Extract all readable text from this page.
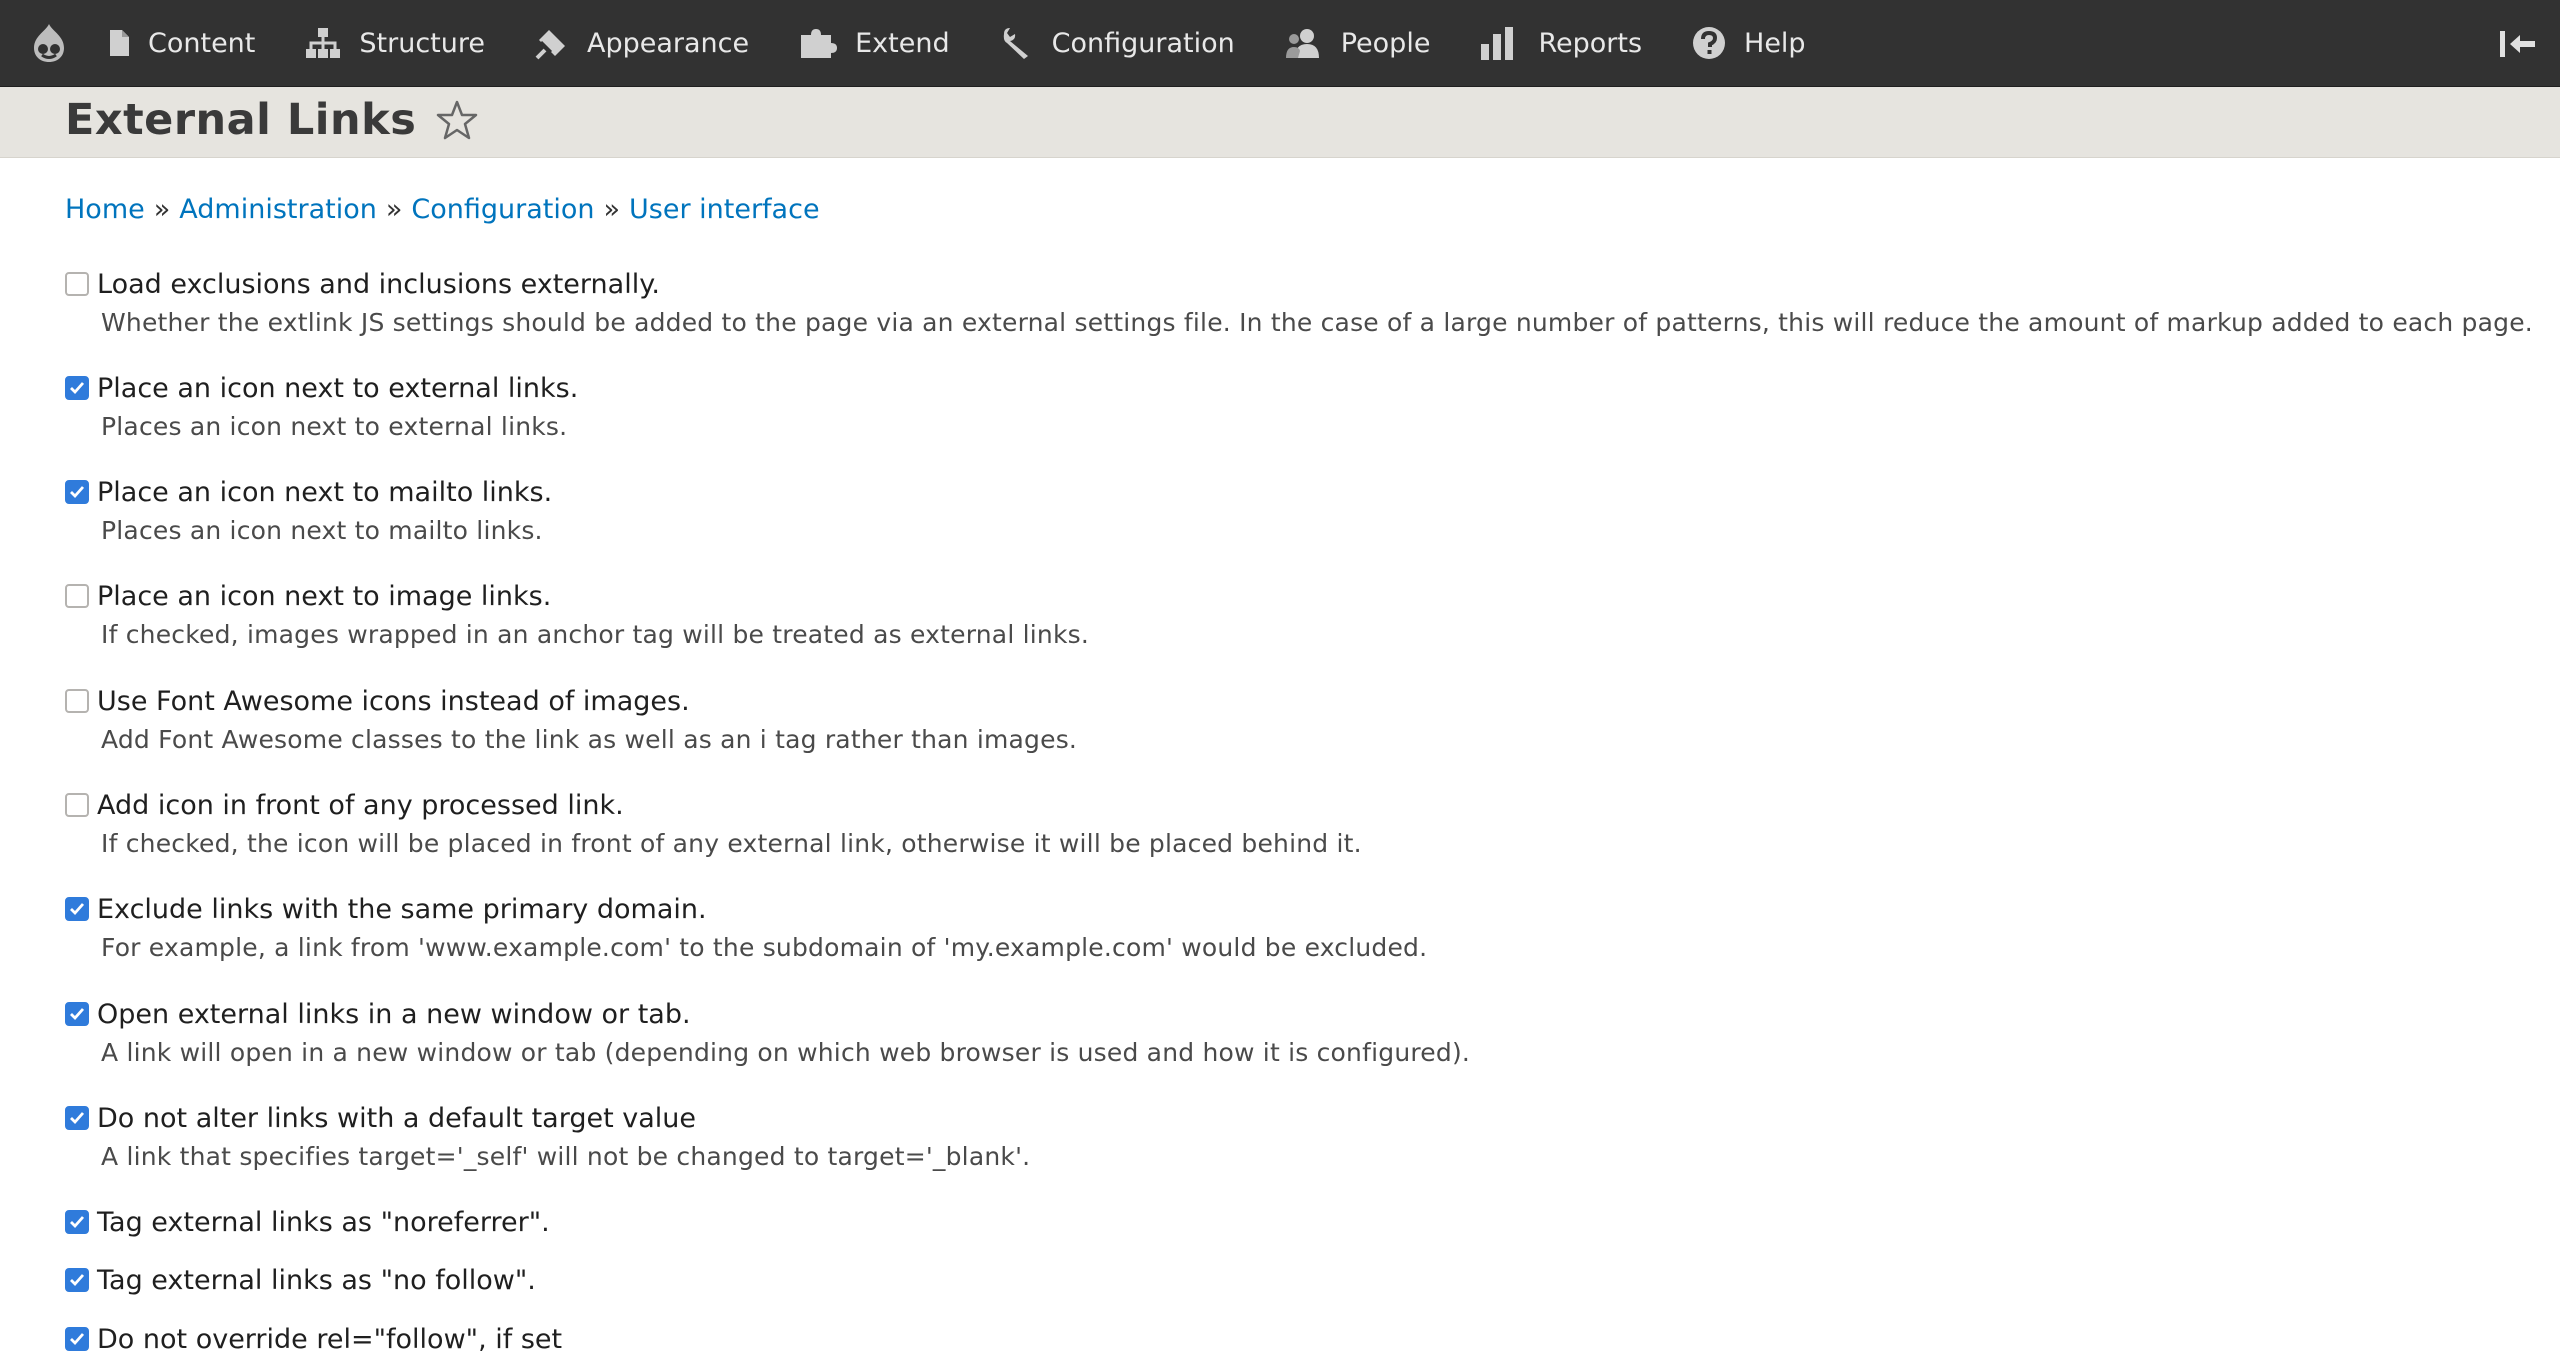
Content	Structure	Appearance	Extend	Configuration	People	Reports	Help
External Links
Home » Administration » Configuration » User interface
Load exclusions and inclusions externally.
Whether the extlink JS settings should be added to the page via an external settings file. In the case of a large number of patterns, this will reduce the amount of markup added to each page.
Place an icon next to external links.
Places an icon next to external links.
Place an icon next to mailto links.
Places an icon next to mailto links.
Place an icon next to image links.
If checked, images wrapped in an anchor tag will be treated as external links.
Use Font Awesome icons instead of images.
Add Font Awesome classes to the link as well as an i tag rather than images.
Add icon in front of any processed link.
If checked, the icon will be placed in front of any external link, otherwise it will be placed behind it.
Exclude links with the same primary domain.
For example, a link from 'www.example.com' to the subdomain of 'my.example.com' would be excluded.
Open external links in a new window or tab.
A link will open in a new window or tab (depending on which web browser is used and how it is configured).
Do not alter links with a default target value
A link that specifies target='_self' will not be changed to target='_blank'.
Tag external links as "noreferrer".
Tag external links as "no follow".
Do not override rel="follow", if set
